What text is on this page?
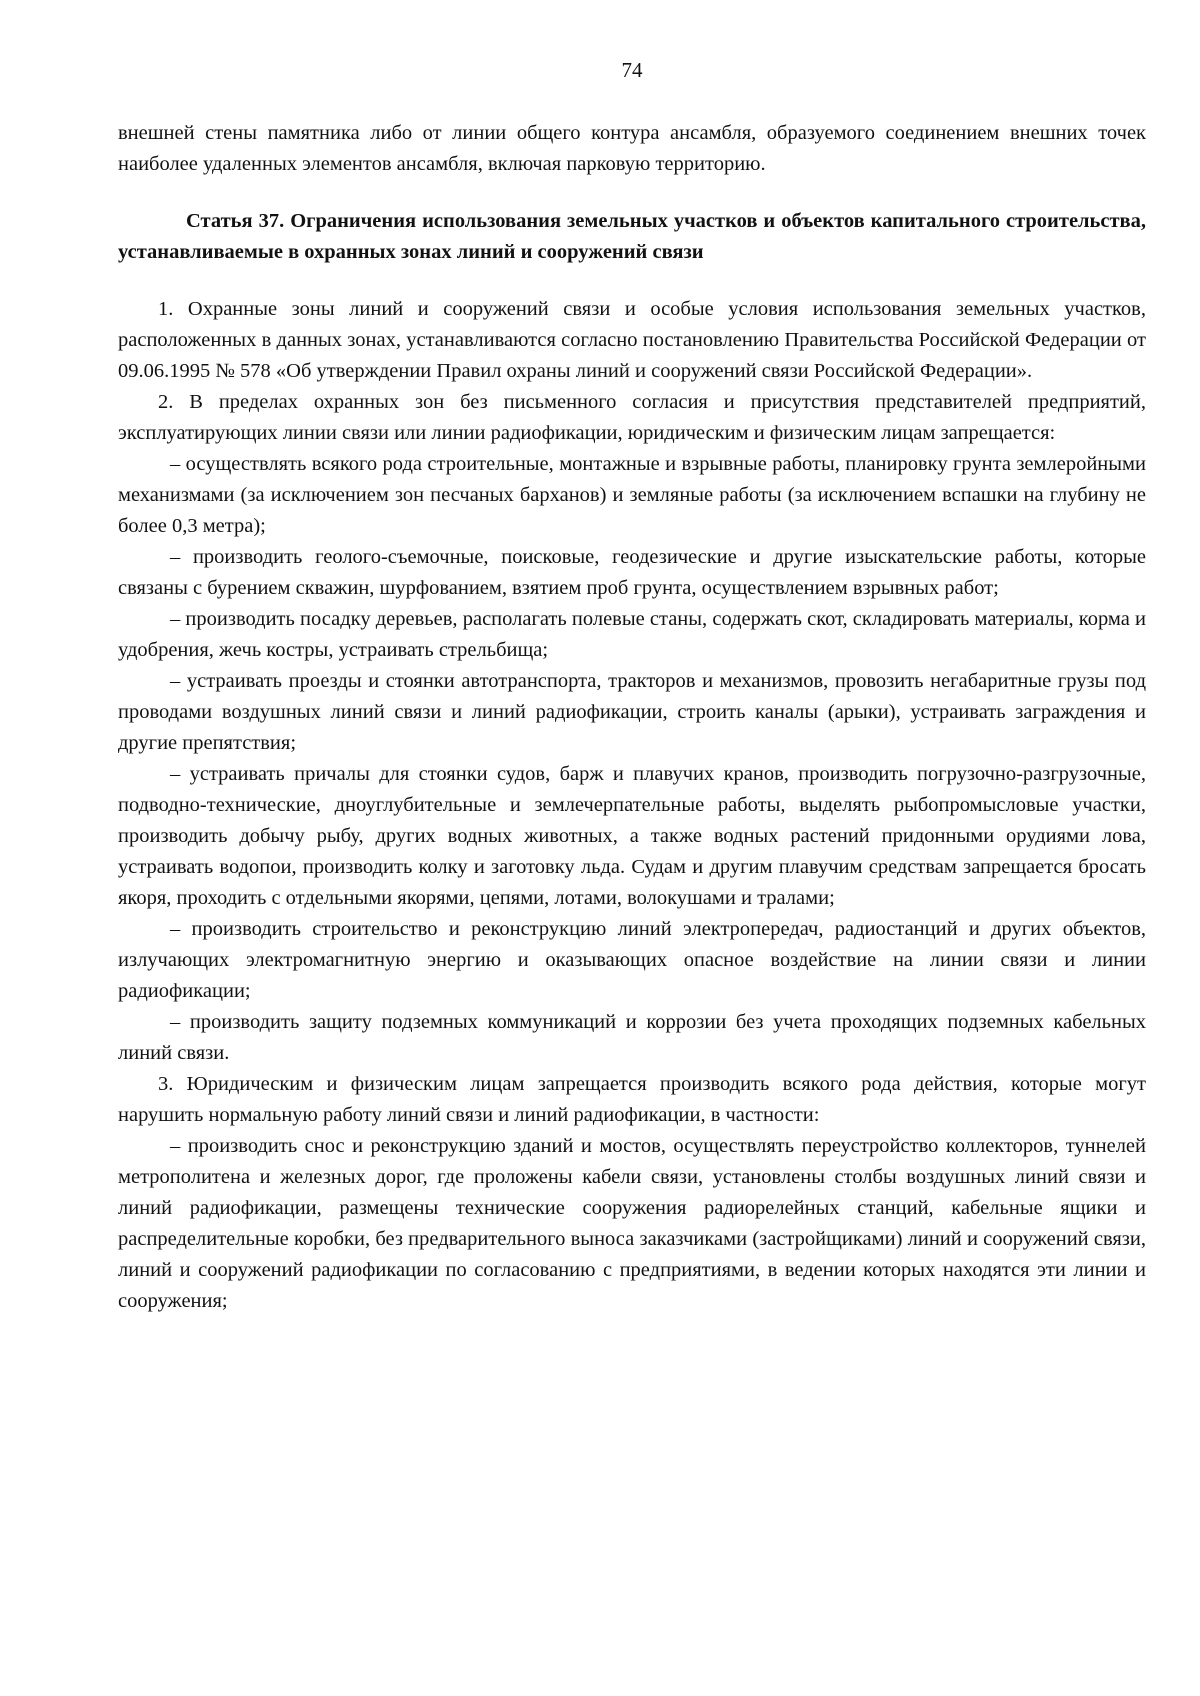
74

внешней стены памятника либо от линии общего контура ансамбля, образуемого соединением внешних точек наиболее удаленных элементов ансамбля, включая парковую территорию.

Статья 37. Ограничения использования земельных участков и объектов капитального строительства, устанавливаемые в охранных зонах линий и сооружений связи

1. Охранные зоны линий и сооружений связи и особые условия использования земельных участков, расположенных в данных зонах, устанавливаются согласно постановлению Правительства Российской Федерации от 09.06.1995 № 578 «Об утверждении Правил охраны линий и сооружений связи Российской Федерации».

2. В пределах охранных зон без письменного согласия и присутствия представителей предприятий, эксплуатирующих линии связи или линии радиофикации, юридическим и физическим лицам запрещается:

– осуществлять всякого рода строительные, монтажные и взрывные работы, планировку грунта землеройными механизмами (за исключением зон песчаных барханов) и земляные работы (за исключением вспашки на глубину не более 0,3 метра);

– производить геолого-съемочные, поисковые, геодезические и другие изыскательские работы, которые связаны с бурением скважин, шурфованием, взятием проб грунта, осуществлением взрывных работ;

– производить посадку деревьев, располагать полевые станы, содержать скот, складировать материалы, корма и удобрения, жечь костры, устраивать стрельбища;

– устраивать проезды и стоянки автотранспорта, тракторов и механизмов, провозить негабаритные грузы под проводами воздушных линий связи и линий радиофикации, строить каналы (арыки), устраивать заграждения и другие препятствия;

– устраивать причалы для стоянки судов, барж и плавучих кранов, производить погрузочно-разгрузочные, подводно-технические, дноуглубительные и землечерпательные работы, выделять рыбопромысловые участки, производить добычу рыбу, других водных животных, а также водных растений придонными орудиями лова, устраивать водопои, производить колку и заготовку льда. Судам и другим плавучим средствам запрещается бросать якоря, проходить с отдельными якорями, цепями, лотами, волокушами и тралами;

– производить строительство и реконструкцию линий электропередач, радиостанций и других объектов, излучающих электромагнитную энергию и оказывающих опасное воздействие на линии связи и линии радиофикации;

– производить защиту подземных коммуникаций и коррозии без учета проходящих подземных кабельных линий связи.

3. Юридическим и физическим лицам запрещается производить всякого рода действия, которые могут нарушить нормальную работу линий связи и линий радиофикации, в частности:

– производить снос и реконструкцию зданий и мостов, осуществлять переустройство коллекторов, туннелей метрополитена и железных дорог, где проложены кабели связи, установлены столбы воздушных линий связи и линий радиофикации, размещены технические сооружения радиорелейных станций, кабельные ящики и распределительные коробки, без предварительного выноса заказчиками (застройщиками) линий и сооружений связи, линий и сооружений радиофикации по согласованию с предприятиями, в ведении которых находятся эти линии и сооружения;
